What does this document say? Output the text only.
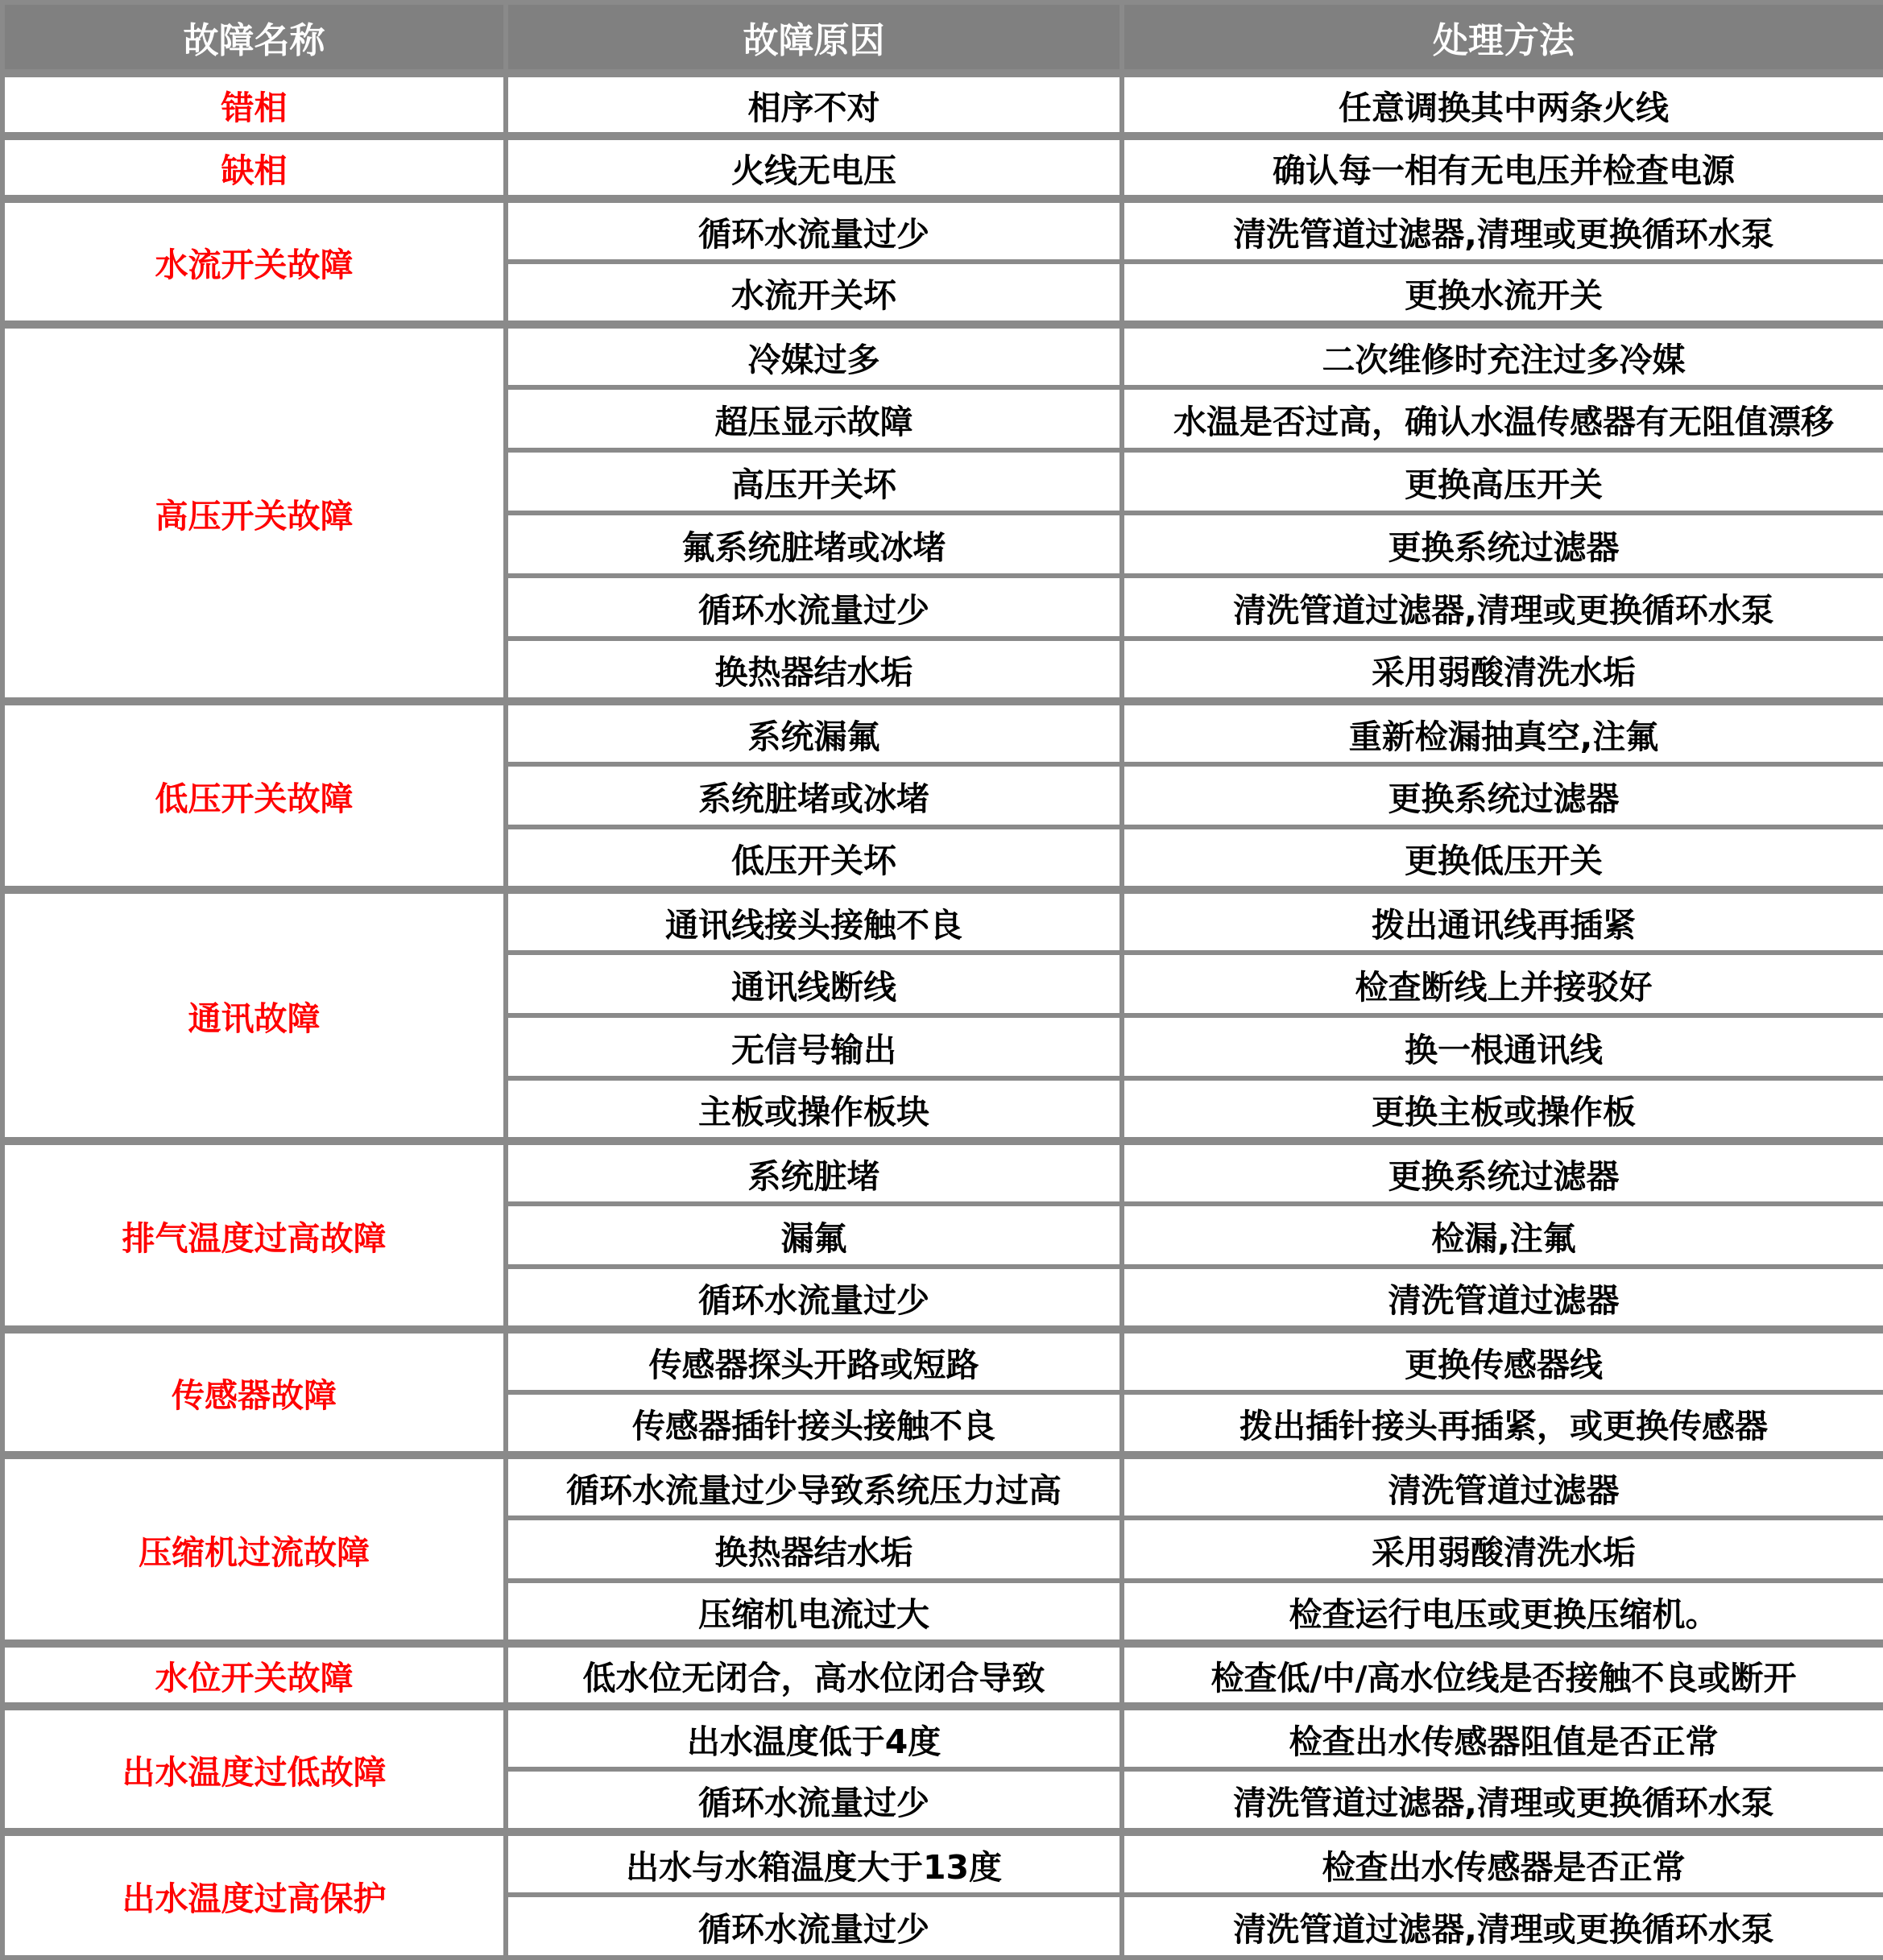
故障名称	故障原因	处理方法
错相	相序不对	任意调换其中两条火线
缺相	火线无电压	确认每一相有无电压并检查电源
水流开关故障	循环水流量过少	清洗管道过滤器,清理或更换循环水泵
	水流开关坏	更换水流开关
高压开关故障	冷媒过多	二次维修时充注过多冷媒
	超压显示故障	水温是否过高，确认水温传感器有无阻值漂移
	高压开关坏	更换高压开关
	氟系统脏堵或冰堵	更换系统过滤器
	循环水流量过少	清洗管道过滤器,清理或更换循环水泵
	换热器结水垢	采用弱酸清洗水垢
低压开关故障	系统漏氟	重新检漏抽真空,注氟
	系统脏堵或冰堵	更换系统过滤器
	低压开关坏	更换低压开关
通讯故障	通讯线接头接触不良	拨出通讯线再插紧
	通讯线断线	检查断线上并接驳好
	无信号输出	换一根通讯线
	主板或操作板块	更换主板或操作板
排气温度过高故障	系统脏堵	更换系统过滤器
	漏氟	检漏,注氟
	循环水流量过少	清洗管道过滤器
传感器故障	传感器探头开路或短路	更换传感器线
	传感器插针接头接触不良	拨出插针接头再插紧，或更换传感器
压缩机过流故障	循环水流量过少导致系统压力过高	清洗管道过滤器
	换热器结水垢	采用弱酸清洗水垢
	压缩机电流过大	检查运行电压或更换压缩机。
水位开关故障	低水位无闭合，高水位闭合导致	检查低/中/高水位线是否接触不良或断开
出水温度过低故障	出水温度低于4度	检查出水传感器阻值是否正常
	循环水流量过少	清洗管道过滤器,清理或更换循环水泵
出水温度过高保护	出水与水箱温度大于13度	检查出水传感器是否正常
	循环水流量过少	清洗管道过滤器,清理或更换循环水泵
